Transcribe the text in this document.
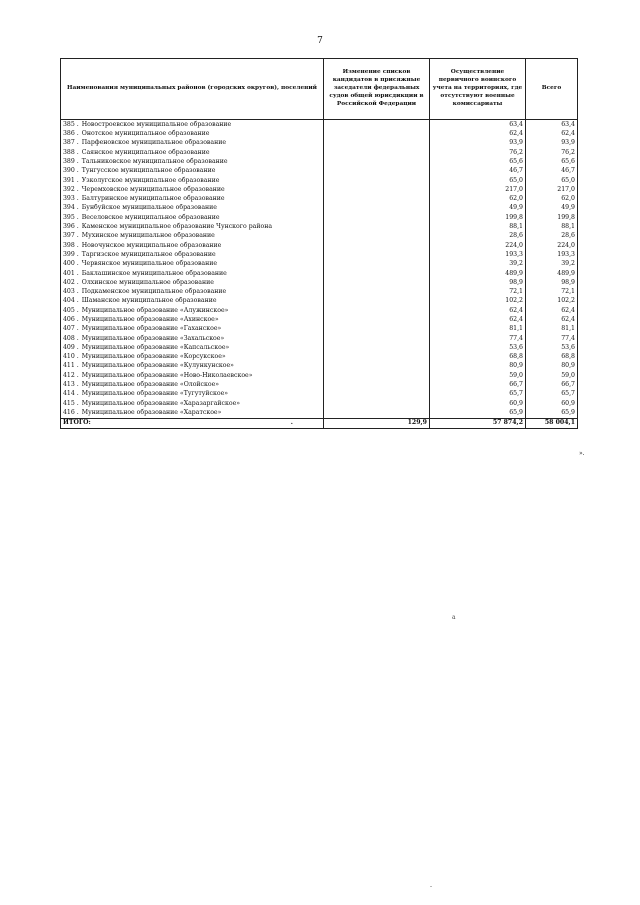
7
Наименования муниципальных районов (городских округов), поселений	Изменение списков кандидатов в присяжные заседатели федеральных судов общей юрисдикции в Российской Федерации	Осуществление первичного воинского учета на территориях, где отсутствуют военные комиссариаты	Всего
385 . Новостроевское муниципальное образование		63,4	63,4
386 . Онотское муниципальное образование		62,4	62,4
387 . Парфеновское муниципальное образование		93,9	93,9
388 . Саянское муниципальное образование		76,2	76,2
389 . Тальниковское муниципальное образование		65,6	65,6
390 . Тунгусское муниципальное образование		46,7	46,7
391 . Узколугское муниципальное образование		65,0	65,0
392 . Черемховское муниципальное образование		217,0	217,0
393 . Балтуринское муниципальное образование		62,0	62,0
394 . Бунбуйское муниципальное образование		49,9	49,9
395 . Веселовское муниципальное образование		199,8	199,8
396 . Каменское муниципальное образование Чунского района		88,1	88,1
397 . Мухинское муниципальное образование		28,6	28,6
398 . Новочунское муниципальное образование		224,0	224,0
399 . Таргизское муниципальное образование		193,3	193,3
400 . Червянское муниципальное образование		39,2	39,2
401 . Баклашинское муниципальное образование		489,9	489,9
402 . Олхинское муниципальное образование		98,9	98,9
403 . Подкаменское муниципальное образование		72,1	72,1
404 . Шаманское муниципальное образование		102,2	102,2
405 . Муниципальное образование «Алужинское»		62,4	62,4
406 . Муниципальное образование «Ахинское»		62,4	62,4
407 . Муниципальное образование «Гаханское»		81,1	81,1
408 . Муниципальное образование «Захальское»		77,4	77,4
409 . Муниципальное образование «Капсальское»		53,6	53,6
410 . Муниципальное образование «Корсукское»		68,8	68,8
411 . Муниципальное образование «Кулункунское»		80,9	80,9
412 . Муниципальное образование «Ново-Николаевское»		59,0	59,0
413 . Муниципальное образование «Олойское»		66,7	66,7
414 . Муниципальное образование «Тугутуйское»		65,7	65,7
415 . Муниципальное образование «Харазаргайское»		60,9	60,9
416 . Муниципальное образование «Харатское»		65,9	65,9
ИТОГО: .	129,9	57 874,2	58 004,1
».
a
-
